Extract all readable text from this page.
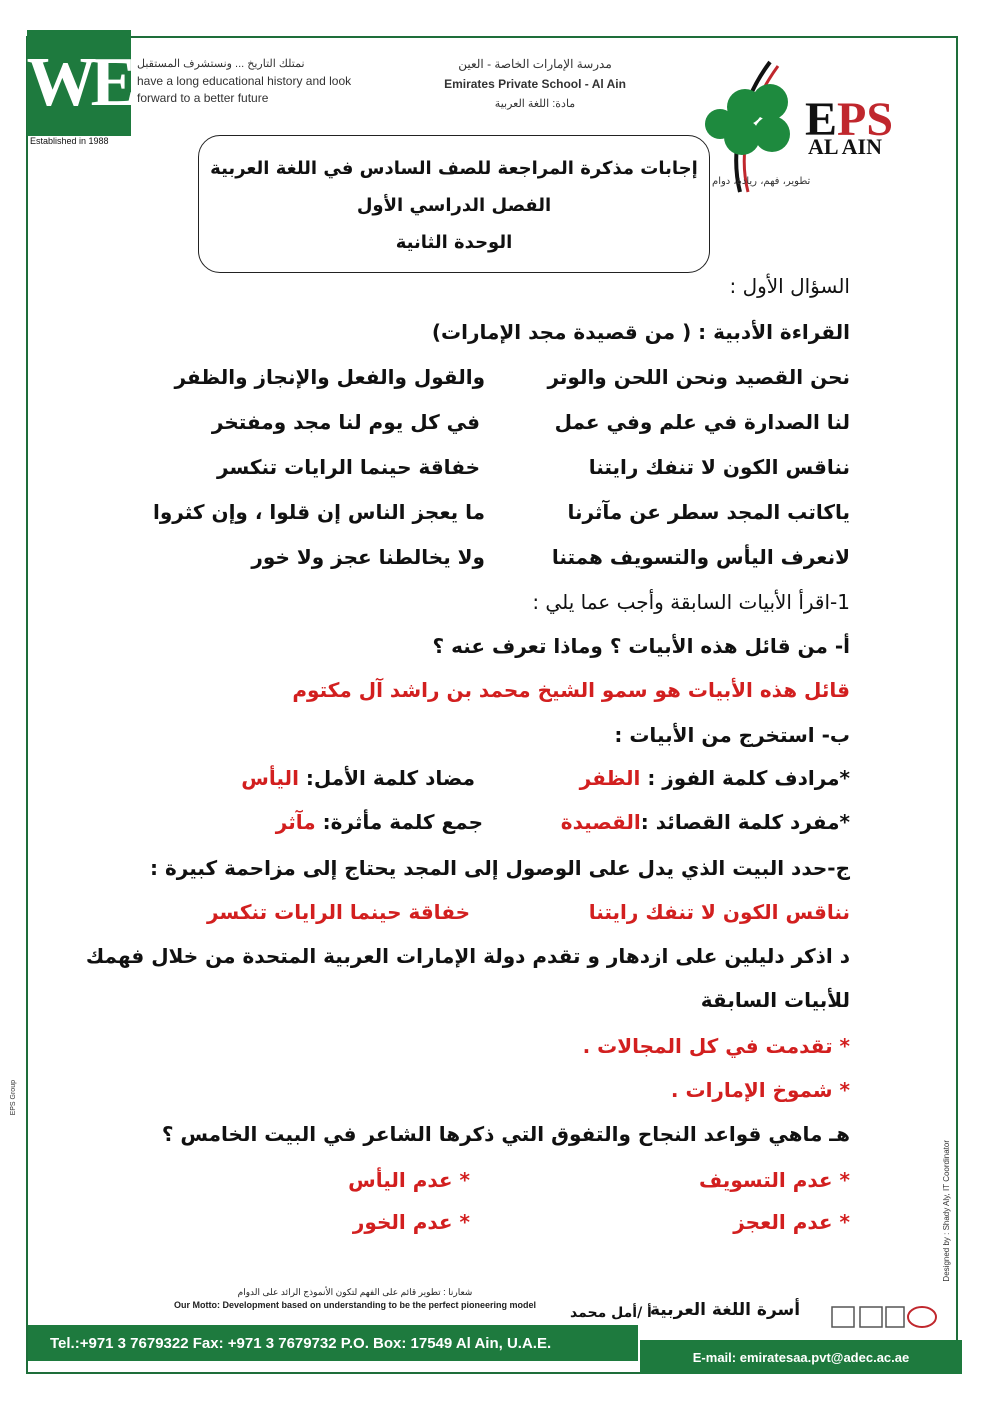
WE
Established in 1988
نمتلك التاريخ ... ونستشرف المستقبل
have a long educational history and look forward to a better future
مدرسة الإمارات الخاصة - العين
Emirates Private School - Al Ain
مادة: اللغة العربية	EPS
AL AIN
تطوير، فهم، ريادة، دوام
إجابات مذكرة المراجعة للصف السادس في اللغة العربية
الفصل الدراسي الأول
الوحدة الثانية
السؤال الأول :
القراءة الأدبية : ( من قصيدة مجد الإمارات)
نحن القصيد ونحن اللحن والوتر
والقول والفعل والإنجاز والظفر
لنا الصدارة في علم وفي عمل
في كل يوم لنا مجد ومفتخر
نناقس الكون لا تنفك رايتنا
خفاقة حينما الرايات تنكسر
ياكاتب المجد سطر عن مآثرنا
ما يعجز الناس إن قلوا ، وإن كثروا
لانعرف اليأس والتسويف همتنا
ولا يخالطنا عجز ولا خور
1-اقرأ الأبيات السابقة وأجب عما يلي :
أ- من قائل هذه الأبيات ؟ وماذا تعرف عنه ؟
قائل هذه الأبيات هو سمو الشيخ محمد بن راشد آل مكتوم
ب- استخرج من الأبيات :
*مرادف كلمة الفوز : الظفر
مضاد كلمة الأمل: اليأس
*مفرد كلمة القصائد :القصيدة
جمع كلمة مأثرة: مآثر
ج-حدد البيت الذي يدل على الوصول إلى المجد يحتاج إلى مزاحمة كبيرة :
نناقس الكون لا تنفك رايتنا
خفاقة حينما الرايات تنكسر
د اذكر دليلين على ازدهار و تقدم دولة الإمارات العربية المتحدة من خلال فهمك
للأبيات السابقة
* تقدمت في كل المجالات .
* شموخ الإمارات .
هـ ماهي قواعد النجاح والتفوق التي ذكرها الشاعر في البيت الخامس ؟
* عدم التسويف
* عدم اليأس
* عدم العجز
* عدم الخور
EPS Group
Designed by : Shady Aly, IT Coordinator
شعارنا : تطوير قائم على الفهم لتكون الأنموذج الرائد على الدوام
Our Motto: Development based on understanding to be the perfect pioneering model	أ /أمل محمد
أسرة اللغة العربية
Tel.:+971 3 7679322 Fax: +971 3 7679732 P.O. Box: 17549 Al Ain, U.A.E.
E-mail: emiratesaa.pvt@adec.ac.ae
